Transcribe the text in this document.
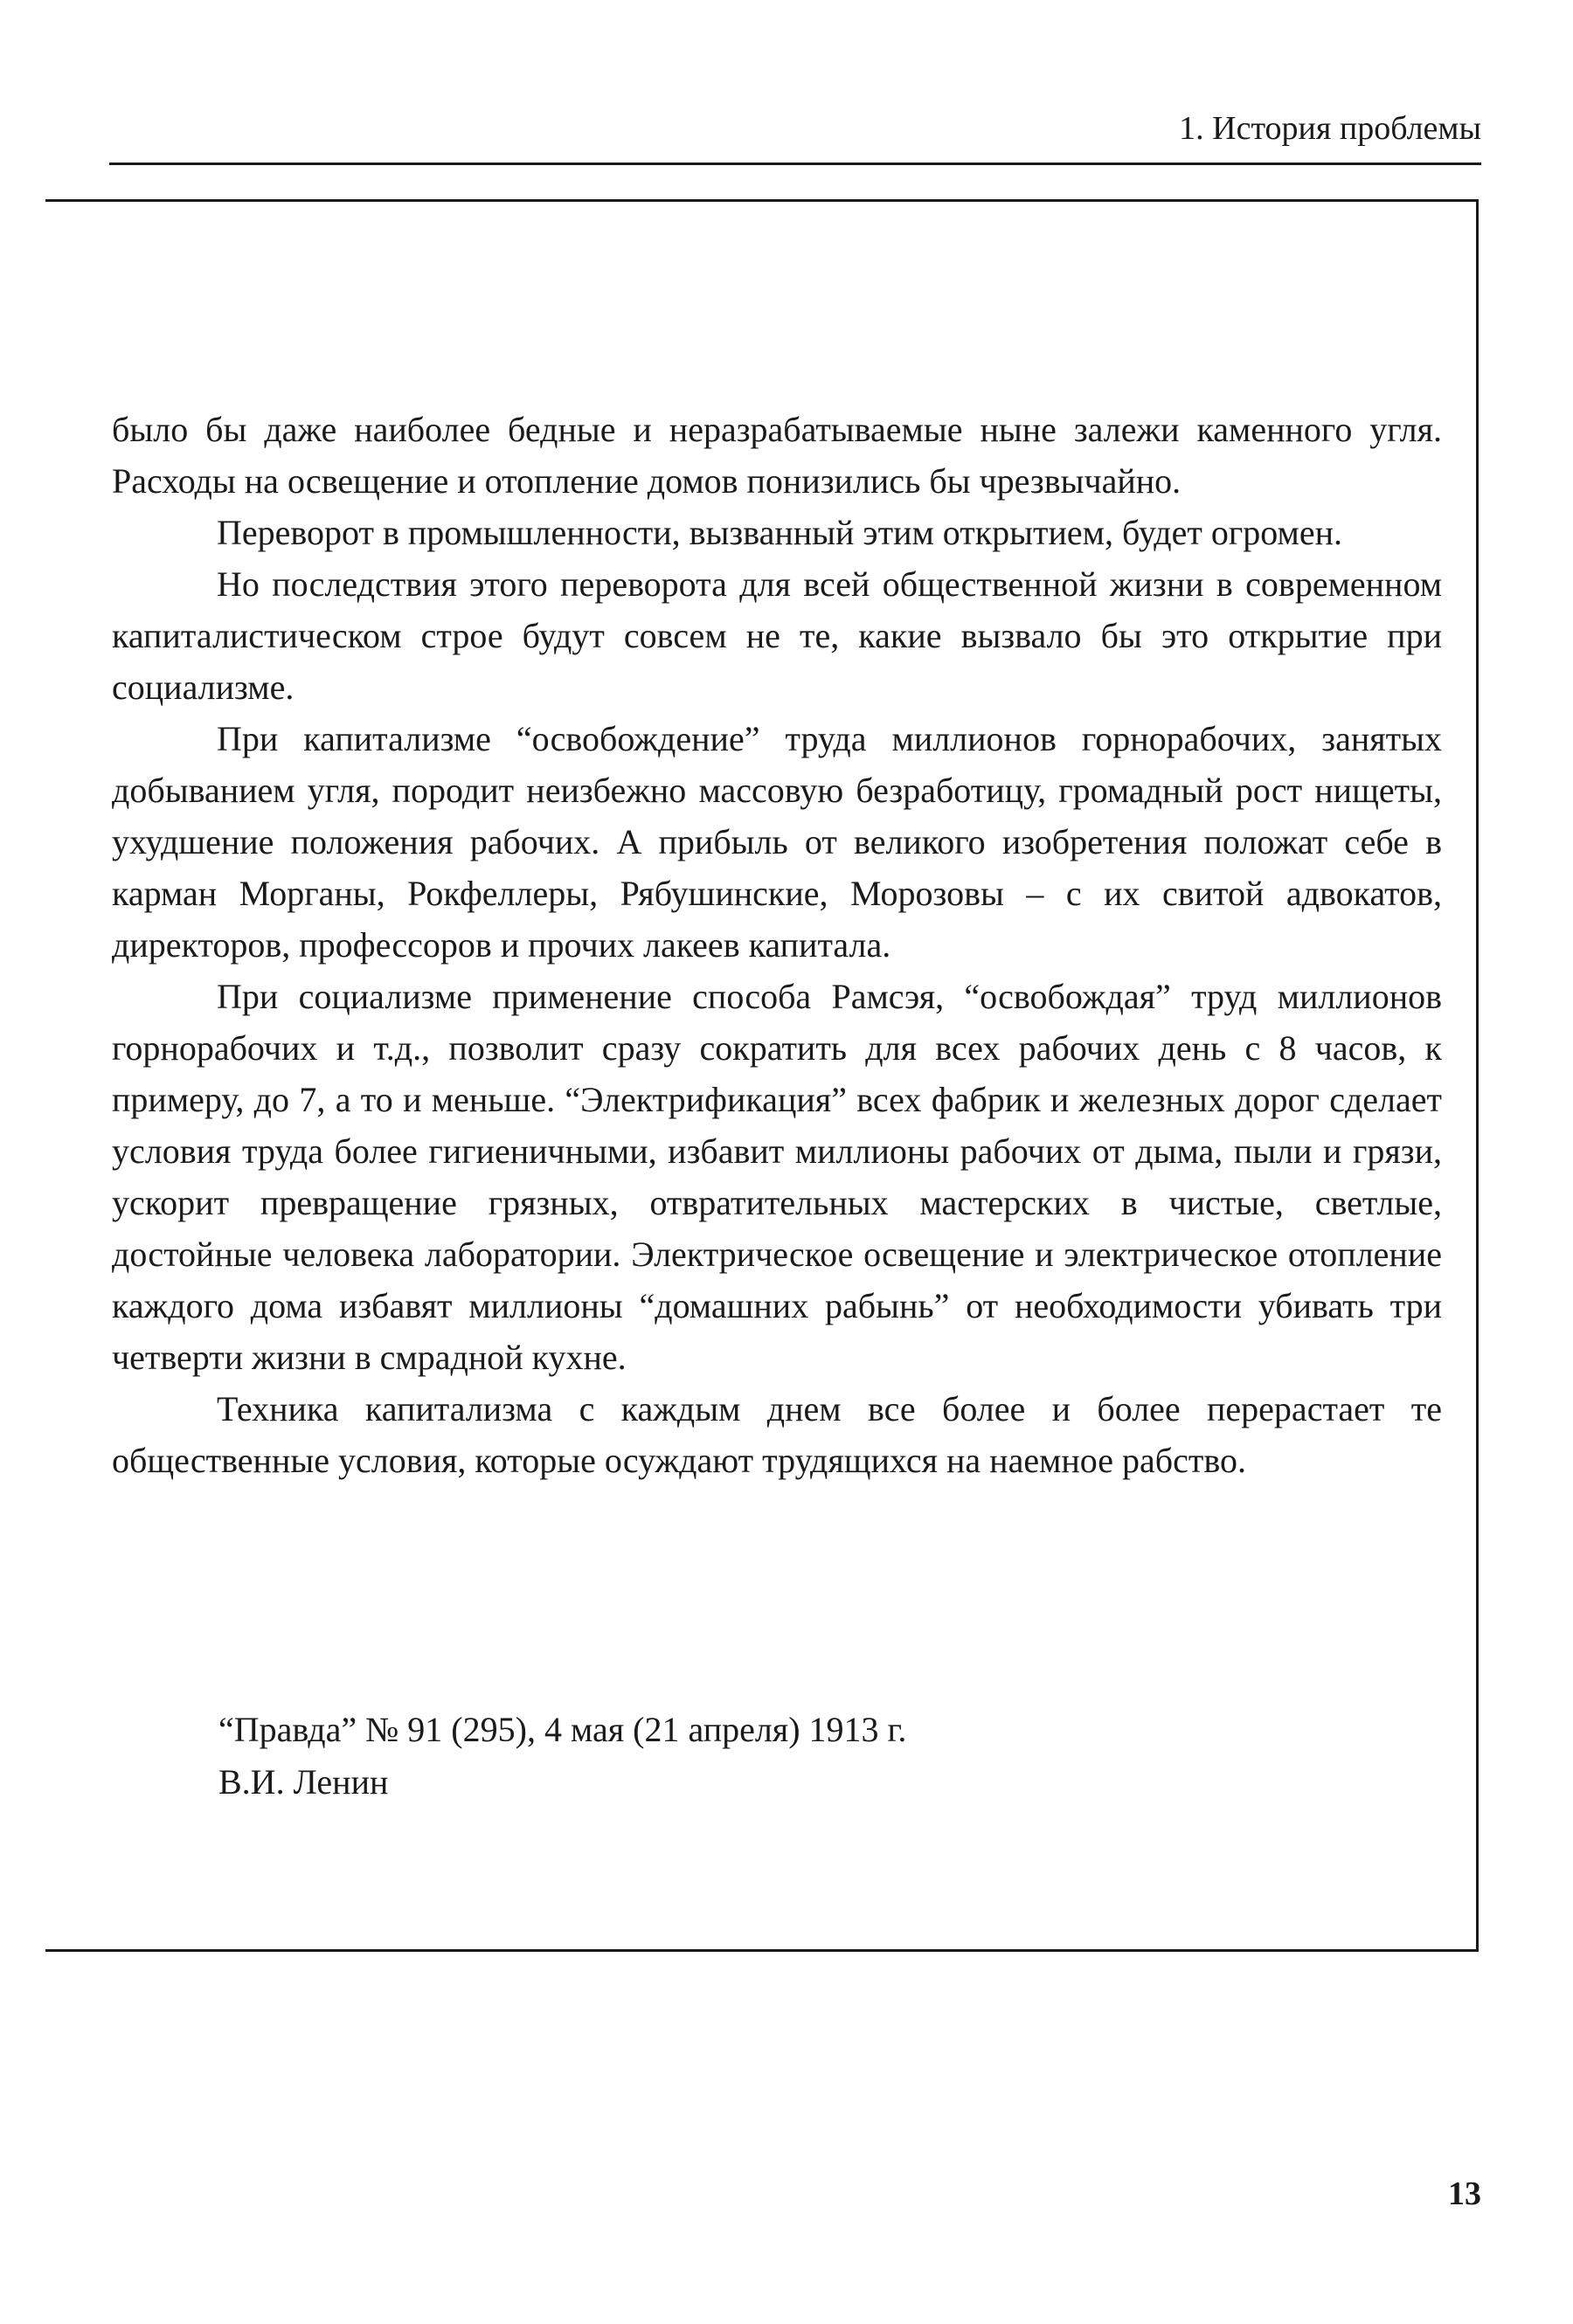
1. История проблемы

было бы даже наиболее бедные и неразрабатываемые ныне залежи каменного угля. Расходы на освещение и отопление домов понизились бы чрезвычайно.

Переворот в промышленности, вызванный этим открытием, будет огромен.

Но последствия этого переворота для всей общественной жизни в современном капиталистическом строе будут совсем не те, какие вызвало бы это открытие при социализме.

При капитализме “освобождение” труда миллионов горнорабочих, занятых добыванием угля, породит неизбежно массовую безработицу, громадный рост нищеты, ухудшение положения рабочих. А прибыль от великого изобретения положат себе в карман Морганы, Рокфеллеры, Рябушинские, Морозовы – с их свитой адвокатов, директоров, профессоров и прочих лакеев капитала.

При социализме применение способа Рамсэя, “освобождая” труд миллионов горнорабочих и т.д., позволит сразу сократить для всех рабочих день с 8 часов, к примеру, до 7, а то и меньше. “Электрификация” всех фабрик и железных дорог сделает условия труда более гигиеничными, избавит миллионы рабочих от дыма, пыли и грязи, ускорит превращение грязных, отвратительных мастерских в чистые, светлые, достойные человека лаборатории. Электрическое освещение и электрическое отопление каждого дома избавят миллионы “домашних рабынь” от необходимости убивать три четверти жизни в смрадной кухне.

Техника капитализма с каждым днем все более и более перерастает те общественные условия, которые осуждают трудящихся на наемное рабство.

“Правда” № 91 (295), 4 мая (21 апреля) 1913 г.
В.И. Ленин
13
